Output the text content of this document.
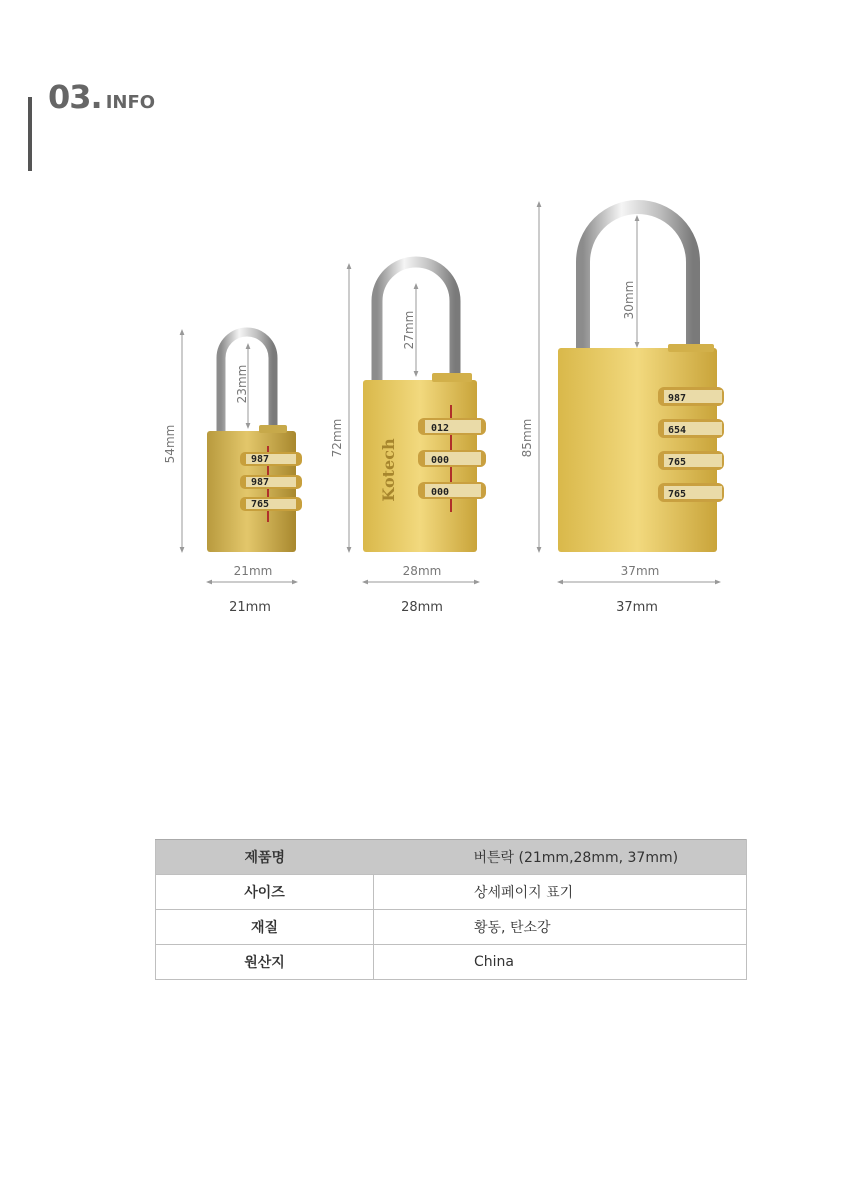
03. INFO
987
987
765
54mm
23mm
21mm
21mm
Kotech
012
000
000
72mm
27mm
28mm
28mm
987
654
765
765
85mm
30mm
37mm
37mm
제품명	버튼락 (21mm,28mm, 37mm)
사이즈	상세페이지 표기
재질	황동, 탄소강
원산지	China
